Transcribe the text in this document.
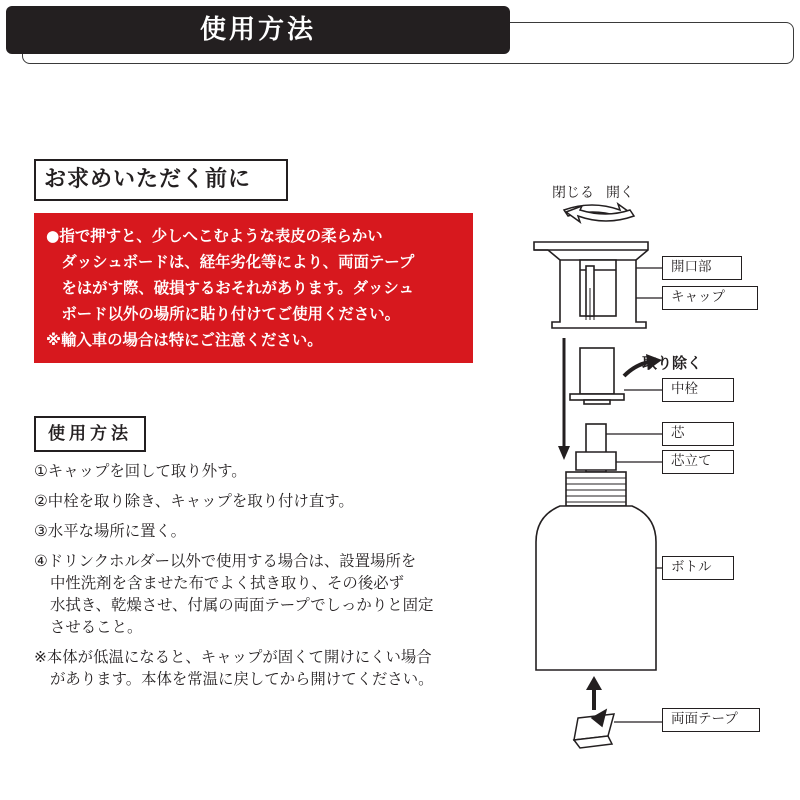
使用方法
お求めいただく前に
●指で押すと、少しへこむような表皮の柔らかい
　ダッシュボードは、経年劣化等により、両面テープ
　をはがす際、破損するおそれがあります。ダッシュ
　ボード以外の場所に貼り付けてご使用ください。
※輸入車の場合は特にご注意ください。
使用方法
①キャップを回して取り外す。
②中栓を取り除き、キャップを取り付け直す。
③水平な場所に置く。
④ドリンクホルダー以外で使用する場合は、設置場所を
中性洗剤を含ませた布でよく拭き取り、その後必ず
水拭き、乾燥させ、付属の両面テープでしっかりと固定
させること。
※本体が低温になると、キャップが固くて開けにくい場合
があります。本体を常温に戻してから開けてください。
閉じる 開く
取り除く
開口部
キャップ
中栓
芯
芯立て
ボトル
両面テープ
